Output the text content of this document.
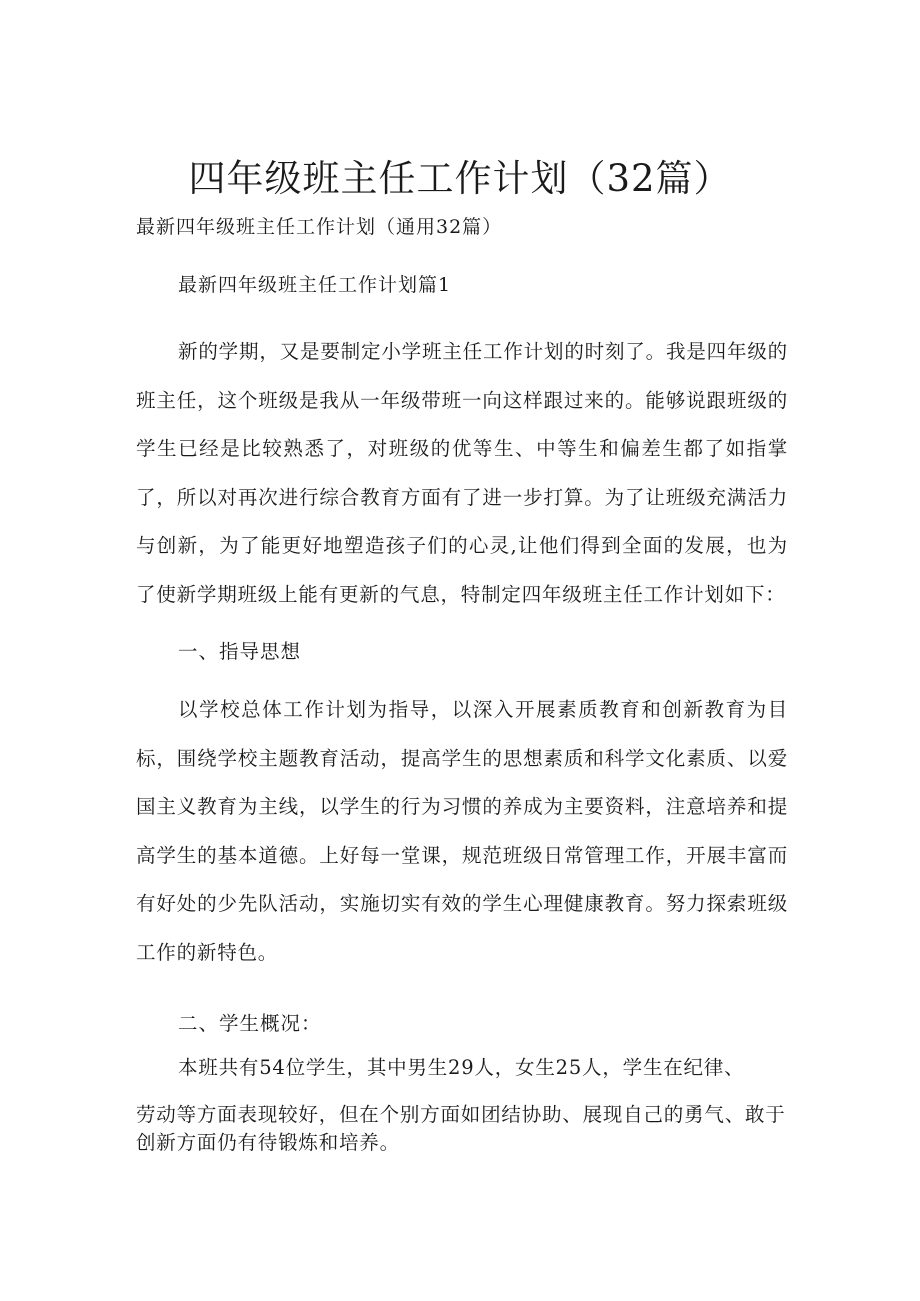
四年级班主任工作计划（32篇）

最新四年级班主任工作计划（通用32篇）

最新四年级班主任工作计划篇1

新的学期，又是要制定小学班主任工作计划的时刻了。我是四年级的班主任，这个班级是我从一年级带班一向这样跟过来的。能够说跟班级的学生已经是比较熟悉了，对班级的优等生、中等生和偏差生都了如指掌了，所以对再次进行综合教育方面有了进一步打算。为了让班级充满活力与创新，为了能更好地塑造孩子们的心灵,让他们得到全面的发展，也为了使新学期班级上能有更新的气息，特制定四年级班主任工作计划如下：

一、指导思想

以学校总体工作计划为指导，以深入开展素质教育和创新教育为目标，围绕学校主题教育活动，提高学生的思想素质和科学文化素质、以爱国主义教育为主线，以学生的行为习惯的养成为主要资料，注意培养和提高学生的基本道德。上好每一堂课，规范班级日常管理工作，开展丰富而有好处的少先队活动，实施切实有效的学生心理健康教育。努力探索班级工作的新特色。

二、学生概况：

本班共有54位学生，其中男生29人，女生25人，学生在纪律、

劳动等方面表现较好，但在个别方面如团结协助、展现自己的勇气、敢于

创新方面仍有待锻炼和培养。
